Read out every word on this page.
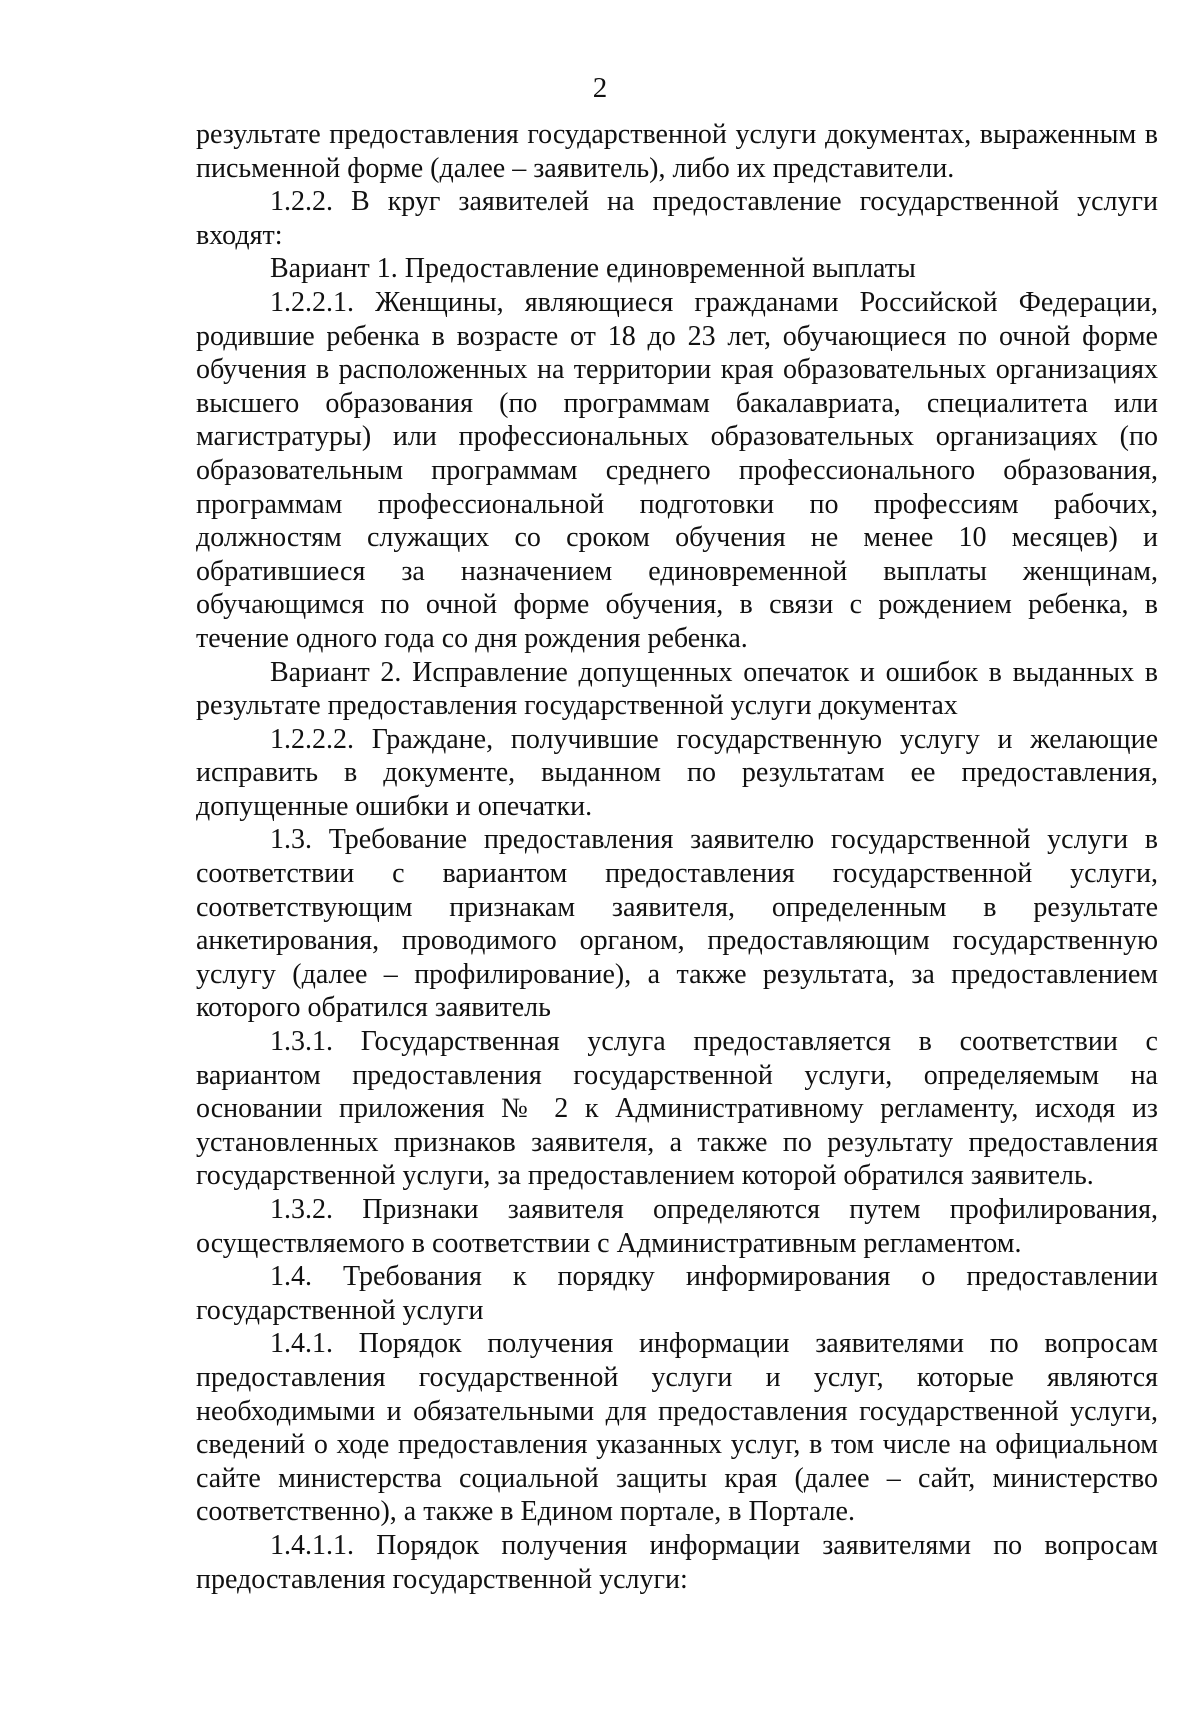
2

результате предоставления государственной услуги документах, выраженным в письменной форме (далее – заявитель), либо их представители.

1.2.2. В круг заявителей на предоставление государственной услуги входят:

Вариант 1. Предоставление единовременной выплаты

1.2.2.1. Женщины, являющиеся гражданами Российской Федерации, родившие ребенка в возрасте от 18 до 23 лет, обучающиеся по очной форме обучения в расположенных на территории края образовательных организациях высшего образования (по программам бакалавриата, специалитета или магистратуры) или профессиональных образовательных организациях (по образовательным программам среднего профессионального образования, программам профессиональной подготовки по профессиям рабочих, должностям служащих со сроком обучения не менее 10 месяцев) и обратившиеся за назначением единовременной выплаты женщинам, обучающимся по очной форме обучения, в связи с рождением ребенка, в течение одного года со дня рождения ребенка.

Вариант 2. Исправление допущенных опечаток и ошибок в выданных в результате предоставления государственной услуги документах

1.2.2.2. Граждане, получившие государственную услугу и желающие исправить в документе, выданном по результатам ее предоставления, допущенные ошибки и опечатки.

1.3. Требование предоставления заявителю государственной услуги в соответствии с вариантом предоставления государственной услуги, соответствующим признакам заявителя, определенным в результате анкетирования, проводимого органом, предоставляющим государственную услугу (далее – профилирование), а также результата, за предоставлением которого обратился заявитель

1.3.1. Государственная услуга предоставляется в соответствии с вариантом предоставления государственной услуги, определяемым на основании приложения № 2 к Административному регламенту, исходя из установленных признаков заявителя, а также по результату предоставления государственной услуги, за предоставлением которой обратился заявитель.

1.3.2. Признаки заявителя определяются путем профилирования, осуществляемого в соответствии с Административным регламентом.

1.4. Требования к порядку информирования о предоставлении государственной услуги

1.4.1. Порядок получения информации заявителями по вопросам предоставления государственной услуги и услуг, которые являются необходимыми и обязательными для предоставления государственной услуги, сведений о ходе предоставления указанных услуг, в том числе на официальном сайте министерства социальной защиты края (далее – сайт, министерство соответственно), а также в Едином портале, в Портале.

1.4.1.1. Порядок получения информации заявителями по вопросам предоставления государственной услуги:
